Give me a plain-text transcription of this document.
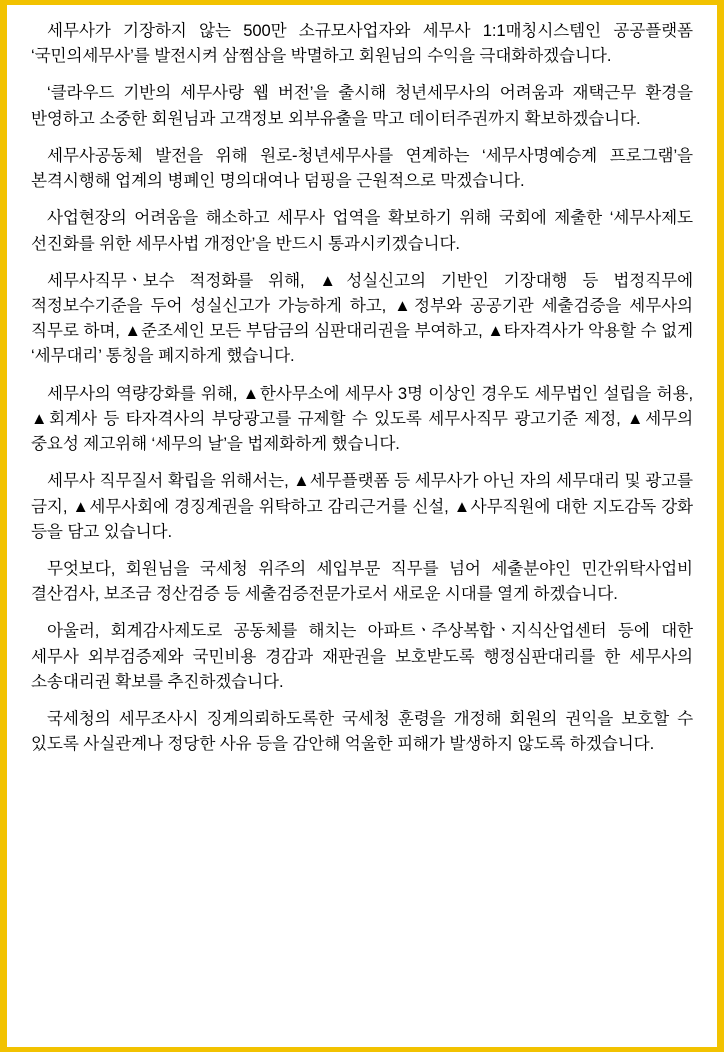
세무사가 기장하지 않는 500만 소규모사업자와 세무사 1:1매칭시스템인 공공플랫폼 ‘국민의세무사’를 발전시켜 삼쩜삼을 박멸하고 회원님의 수익을 극대화하겠습니다.

‘클라우드 기반의 세무사랑 웹 버전’을 출시해 청년세무사의 어려움과 재택근무 환경을 반영하고 소중한 회원님과 고객정보 외부유출을 막고 데이터주권까지 확보하겠습니다.

세무사공동체 발전을 위해 원로-청년세무사를 연계하는 ‘세무사명예승계 프로그램’을 본격시행해 업계의 병폐인 명의대여나 덤핑을 근원적으로 막겠습니다.

사업현장의 어려움을 해소하고 세무사 업역을 확보하기 위해 국회에 제출한 ‘세무사제도 선진화를 위한 세무사법 개정안’을 반드시 통과시키겠습니다.

세무사직무ㆍ보수 적정화를 위해, ▲성실신고의 기반인 기장대행 등 법정직무에 적정보수기준을 두어 성실신고가 가능하게 하고, ▲정부와 공공기관 세출검증을 세무사의 직무로 하며, ▲준조세인 모든 부담금의 심판대리권을 부여하고, ▲타자격사가 악용할 수 없게 ‘세무대리’ 통칭을 폐지하게 했습니다.

세무사의 역량강화를 위해, ▲한사무소에 세무사 3명 이상인 경우도 세무법인 설립을 허용, ▲회계사 등 타자격사의 부당광고를 규제할 수 있도록 세무사직무 광고기준 제정, ▲세무의 중요성 제고위해 ‘세무의 날’을 법제화하게 했습니다.

세무사 직무질서 확립을 위해서는, ▲세무플랫폼 등 세무사가 아닌 자의 세무대리 및 광고를 금지, ▲세무사회에 경징계권을 위탁하고 감리근거를 신설, ▲사무직원에 대한 지도감독 강화 등을 담고 있습니다.

무엇보다, 회원님을 국세청 위주의 세입부문 직무를 넘어 세출분야인 민간위탁사업비 결산검사, 보조금 정산검증 등 세출검증전문가로서 새로운 시대를 열게 하겠습니다.

아울러, 회계감사제도로 공동체를 해치는 아파트ㆍ주상복합ㆍ지식산업센터 등에 대한 세무사 외부검증제와 국민비용 경감과 재판권을 보호받도록 행정심판대리를 한 세무사의 소송대리권 확보를 추진하겠습니다.

국세청의 세무조사시 징계의뢰하도록한 국세청 훈령을 개정해 회원의 권익을 보호할 수 있도록 사실관계나 정당한 사유 등을 감안해 억울한 피해가 발생하지 않도록 하겠습니다.
